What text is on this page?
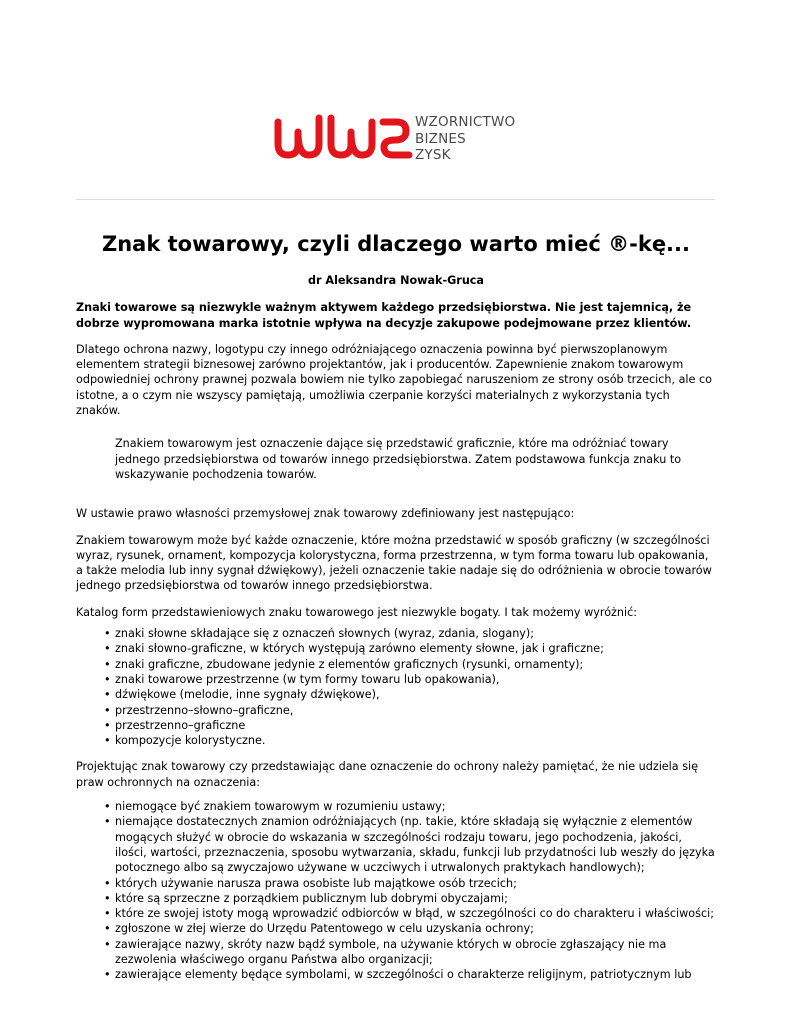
WZORNICTWO
BIZNES
ZYSK
Znak towarowy, czyli dlaczego warto mieć ®-kę...
dr Aleksandra Nowak-Gruca

Znaki towarowe są niezwykle ważnym aktywem każdego przedsiębiorstwa. Nie jest tajemnicą, że dobrze wypromowana marka istotnie wpływa na decyzje zakupowe podejmowane przez klientów.

Dlatego ochrona nazwy, logotypu czy innego odróżniającego oznaczenia powinna być pierwszoplanowym elementem strategii biznesowej zarówno projektantów, jak i producentów. Zapewnienie znakom towarowym odpowiedniej ochrony prawnej pozwala bowiem nie tylko zapobiegać naruszeniom ze strony osób trzecich, ale co istotne, a o czym nie wszyscy pamiętają, umożliwia czerpanie korzyści materialnych z wykorzystania tych znaków.

Znakiem towarowym jest oznaczenie dające się przedstawić graficznie, które ma odróżniać towary jednego przedsiębiorstwa od towarów innego przedsiębiorstwa. Zatem podstawowa funkcja znaku to wskazywanie pochodzenia towarów.

W ustawie prawo własności przemysłowej znak towarowy zdefiniowany jest następująco:

Znakiem towarowym może być każde oznaczenie, które można przedstawić w sposób graficzny (w szczególności wyraz, rysunek, ornament, kompozycja kolorystyczna, forma przestrzenna, w tym forma towaru lub opakowania, a także melodia lub inny sygnał dźwiękowy), jeżeli oznaczenie takie nadaje się do odróżnienia w obrocie towarów jednego przedsiębiorstwa od towarów innego przedsiębiorstwa.

Katalog form przedstawieniowych znaku towarowego jest niezwykle bogaty. I tak możemy wyróżnić:

• znaki słowne składające się z oznaczeń słownych (wyraz, zdania, slogany);
• znaki słowno-graficzne, w których występują zarówno elementy słowne, jak i graficzne;
• znaki graficzne, zbudowane jedynie z elementów graficznych (rysunki, ornamenty);
• znaki towarowe przestrzenne (w tym formy towaru lub opakowania),
• dźwiękowe (melodie, inne sygnały dźwiękowe),
• przestrzenno–słowno–graficzne,
• przestrzenno–graficzne
• kompozycje kolorystyczne.

Projektując znak towarowy czy przedstawiając dane oznaczenie do ochrony należy pamiętać, że nie udziela się praw ochronnych na oznaczenia:

• niemogące być znakiem towarowym w rozumieniu ustawy;
• niemające dostatecznych znamion odróżniających (np. takie, które składają się wyłącznie z elementów mogących służyć w obrocie do wskazania w szczególności rodzaju towaru, jego pochodzenia, jakości, ilości, wartości, przeznaczenia, sposobu wytwarzania, składu, funkcji lub przydatności lub weszły do języka potocznego albo są zwyczajowo używane w uczciwych i utrwalonych praktykach handlowych);
• których używanie narusza prawa osobiste lub majątkowe osób trzecich;
• które są sprzeczne z porządkiem publicznym lub dobrymi obyczajami;
• które ze swojej istoty mogą wprowadzić odbiorców w błąd, w szczególności co do charakteru i właściwości;
• zgłoszone w złej wierze do Urzędu Patentowego w celu uzyskania ochrony;
• zawierające nazwy, skróty nazw bądź symbole, na używanie których w obrocie zgłaszający nie ma zezwolenia właściwego organu Państwa albo organizacji;
• zawierające elementy będące symbolami, w szczególności o charakterze religijnym, patriotycznym lub
